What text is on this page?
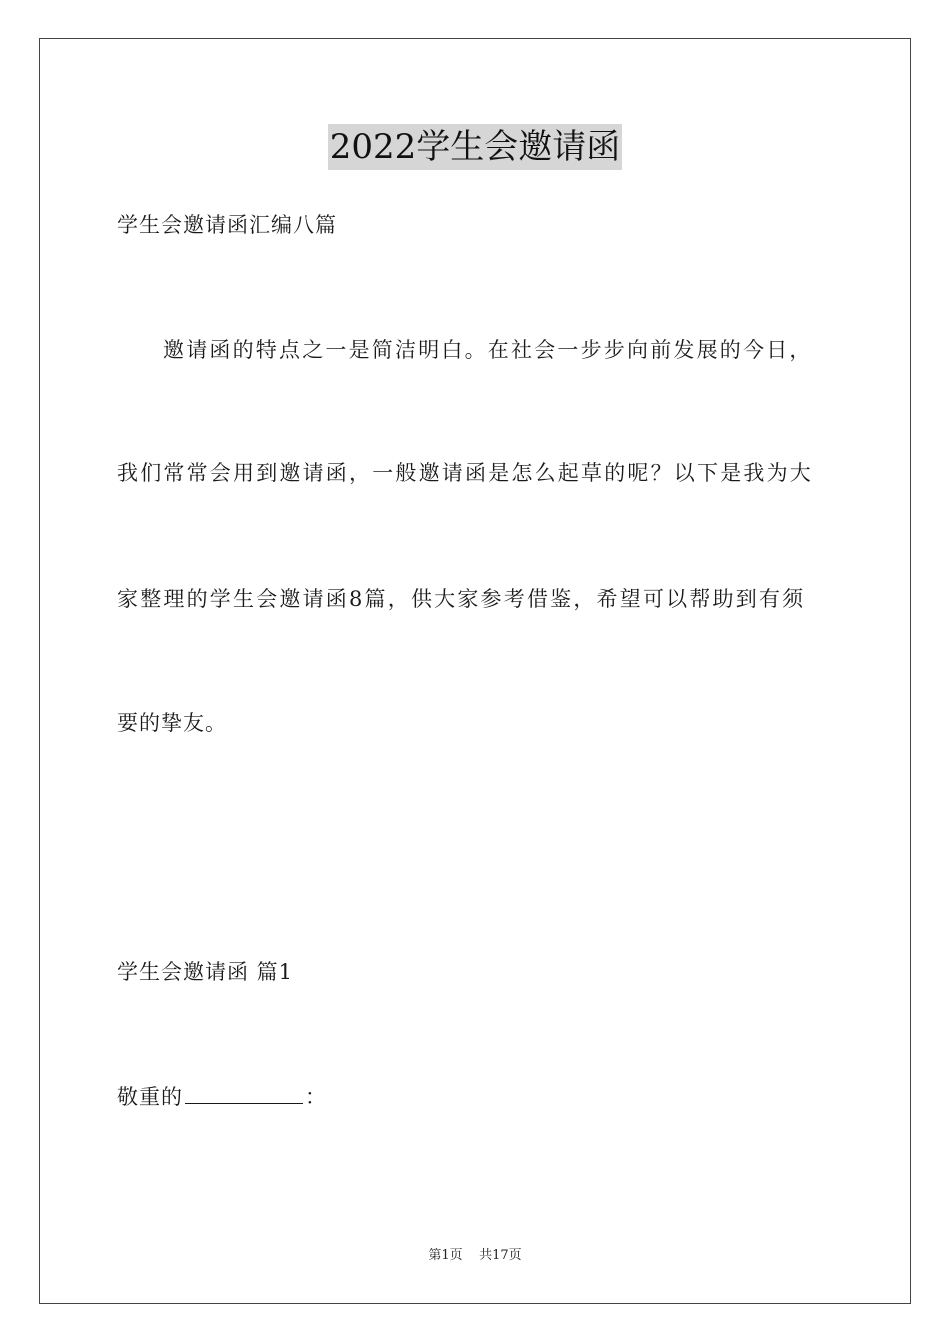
2022学生会邀请函
学生会邀请函汇编八篇
邀请函的特点之一是简洁明白。在社会一步步向前发展的今日，
我们常常会用到邀请函，一般邀请函是怎么起草的呢？以下是我为大
家整理的学生会邀请函8篇，供大家参考借鉴，希望可以帮助到有须
要的挚友。
学生会邀请函 篇1
敬重的	：
第1页 共17页
